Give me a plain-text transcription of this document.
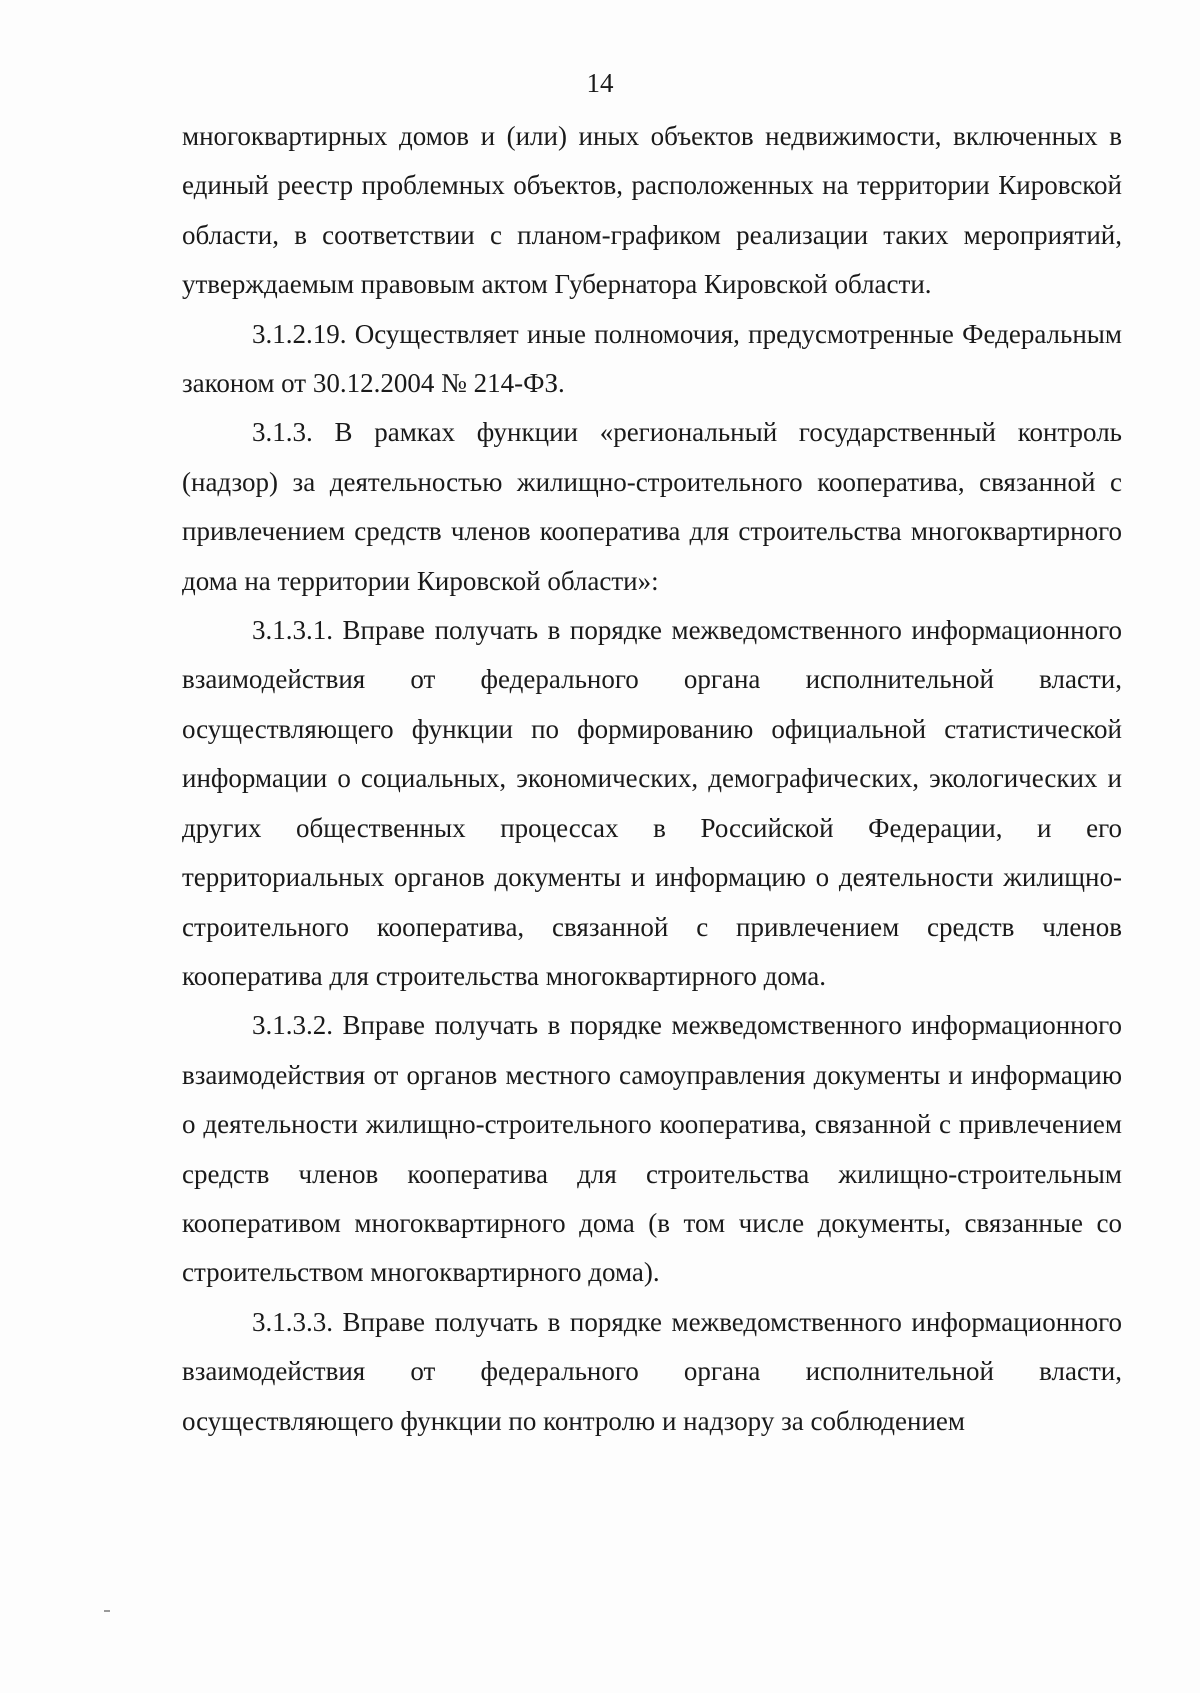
14

многоквартирных домов и (или) иных объектов недвижимости, включенных в единый реестр проблемных объектов, расположенных на территории Кировской области, в соответствии с планом-графиком реализации таких мероприятий, утверждаемым правовым актом Губернатора Кировской области.

3.1.2.19. Осуществляет иные полномочия, предусмотренные Федеральным законом от 30.12.2004 № 214-ФЗ.

3.1.3. В рамках функции «региональный государственный контроль (надзор) за деятельностью жилищно-строительного кооператива, связанной с привлечением средств членов кооператива для строительства многоквартирного дома на территории Кировской области»:

3.1.3.1. Вправе получать в порядке межведомственного информационного взаимодействия от федерального органа исполнительной власти, осуществляющего функции по формированию официальной статистической информации о социальных, экономических, демографических, экологических и других общественных процессах в Российской Федерации, и его территориальных органов документы и информацию о деятельности жилищно-строительного кооператива, связанной с привлечением средств членов кооператива для строительства многоквартирного дома.

3.1.3.2. Вправе получать в порядке межведомственного информационного взаимодействия от органов местного самоуправления документы и информацию о деятельности жилищно-строительного кооператива, связанной с привлечением средств членов кооператива для строительства жилищно-строительным кооперативом многоквартирного дома (в том числе документы, связанные со строительством многоквартирного дома).

3.1.3.3. Вправе получать в порядке межведомственного информационного взаимодействия от федерального органа исполнительной власти, осуществляющего функции по контролю и надзору за соблюдением
